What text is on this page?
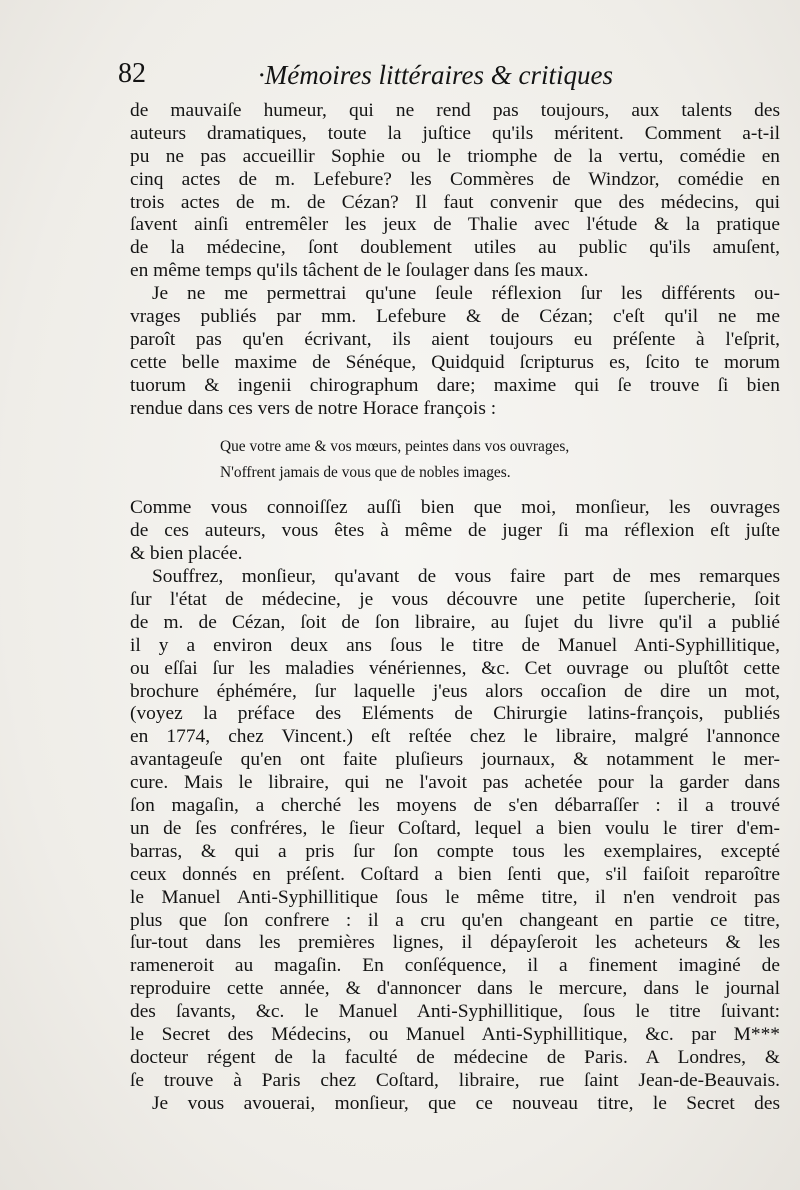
82	·Mémoires littéraires & critiques
de mauvaiſe humeur, qui ne rend pas toujours, aux talents des
auteurs dramatiques, toute la juſtice qu'ils méritent. Comment a-t-il
pu ne pas accueillir Sophie ou le triomphe de la vertu, comédie en
cinq actes de m. Lefebure? les Commères de Windzor, comédie en
trois actes de m. de Cézan? Il faut convenir que des médecins, qui
ſavent ainſi entremêler les jeux de Thalie avec l'étude & la pratique
de la médecine, ſont doublement utiles au public qu'ils amuſent,
en même temps qu'ils tâchent de le ſoulager dans ſes maux.
Je ne me permettrai qu'une ſeule réflexion ſur les différents ou-
vrages publiés par mm. Lefebure & de Cézan; c'eſt qu'il ne me
paroît pas qu'en écrivant, ils aient toujours eu préſente à l'eſprit,
cette belle maxime de Sénéque, Quidquid ſcripturus es, ſcito te morum
tuorum & ingenii chirographum dare; maxime qui ſe trouve ſi bien
rendue dans ces vers de notre Horace françois :
Que votre ame & vos mœurs, peintes dans vos ouvrages,
N'offrent jamais de vous que de nobles images.
Comme vous connoiſſez auſſi bien que moi, monſieur, les ouvrages
de ces auteurs, vous êtes à même de juger ſi ma réflexion eſt juſte
& bien placée.
Souffrez, monſieur, qu'avant de vous faire part de mes remarques
ſur l'état de médecine, je vous découvre une petite ſupercherie, ſoit
de m. de Cézan, ſoit de ſon libraire, au ſujet du livre qu'il a publié
il y a environ deux ans ſous le titre de Manuel Anti-Syphillitique,
ou eſſai ſur les maladies vénériennes, &c. Cet ouvrage ou pluſtôt cette
brochure éphémére, ſur laquelle j'eus alors occaſion de dire un mot,
(voyez la préface des Eléments de Chirurgie latins-françois, publiés
en 1774, chez Vincent.) eſt reſtée chez le libraire, malgré l'annonce
avantageuſe qu'en ont faite pluſieurs journaux, & notamment le mer-
cure. Mais le libraire, qui ne l'avoit pas achetée pour la garder dans
ſon magaſin, a cherché les moyens de s'en débarraſſer : il a trouvé
un de ſes confréres, le ſieur Coſtard, lequel a bien voulu le tirer d'em-
barras, & qui a pris ſur ſon compte tous les exemplaires, excepté
ceux donnés en préſent. Coſtard a bien ſenti que, s'il faiſoit reparoître
le Manuel Anti-Syphillitique ſous le même titre, il n'en vendroit pas
plus que ſon confrere : il a cru qu'en changeant en partie ce titre,
ſur-tout dans les premières lignes, il dépayſeroit les acheteurs & les
rameneroit au magaſin. En conſéquence, il a finement imaginé de
reproduire cette année, & d'annoncer dans le mercure, dans le journal
des ſavants, &c. le Manuel Anti-Syphillitique, ſous le titre ſuivant:
le Secret des Médecins, ou Manuel Anti-Syphillitique, &c. par M***
docteur régent de la faculté de médecine de Paris. A Londres, &
ſe trouve à Paris chez Coſtard, libraire, rue ſaint Jean-de-Beauvais.
Je vous avouerai, monſieur, que ce nouveau titre, le Secret des
